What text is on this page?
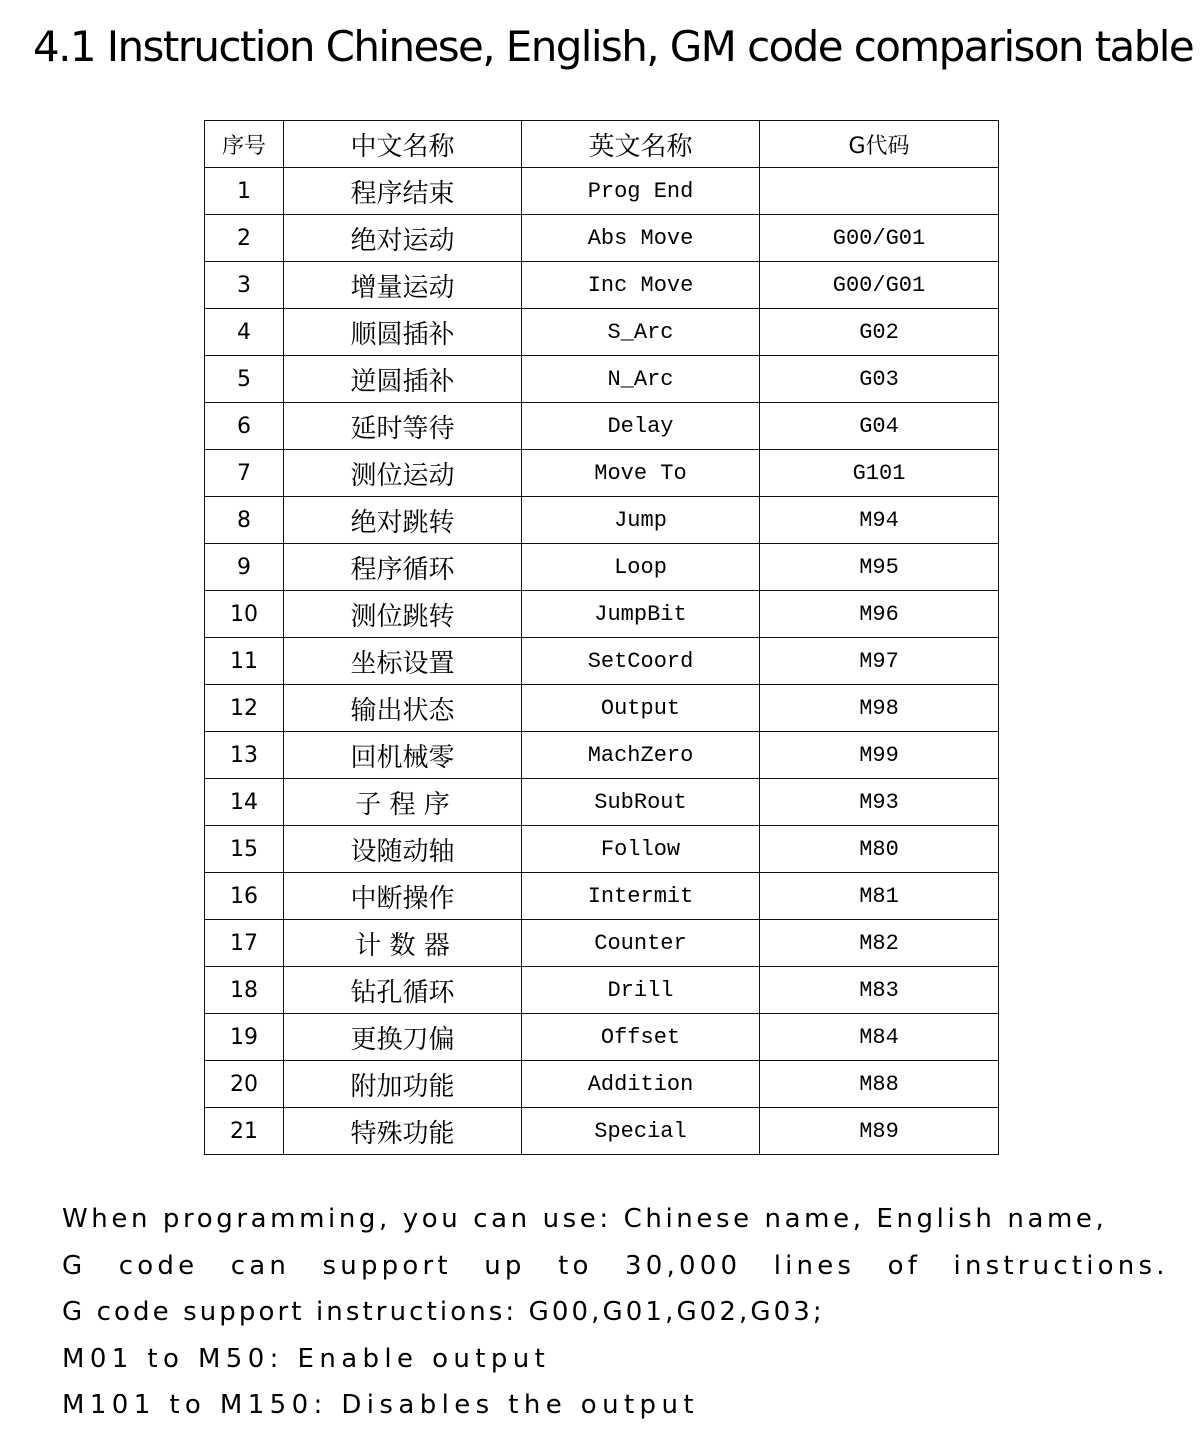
4.1 Instruction Chinese, English, GM code comparison table
序号	中文名称	英文名称	G代码
1	程序结束	Prog End	
2	绝对运动	Abs Move	G00/G01
3	增量运动	Inc Move	G00/G01
4	顺圆插补	S_Arc	G02
5	逆圆插补	N_Arc	G03
6	延时等待	Delay	G04
7	测位运动	Move To	G101
8	绝对跳转	Jump	M94
9	程序循环	Loop	M95
10	测位跳转	JumpBit	M96
11	坐标设置	SetCoord	M97
12	输出状态	Output	M98
13	回机械零	MachZero	M99
14	子 程 序	SubRout	M93
15	设随动轴	Follow	M80
16	中断操作	Intermit	M81
17	计 数 器	Counter	M82
18	钻孔循环	Drill	M83
19	更换刀偏	Offset	M84
20	附加功能	Addition	M88
21	特殊功能	Special	M89

When programming, you can use: Chinese name, English name,

G code can support up to 30,000 lines of instructions.

G code support instructions: G00,G01,G02,G03;

M01 to M50: Enable output

M101 to M150: Disables the output
